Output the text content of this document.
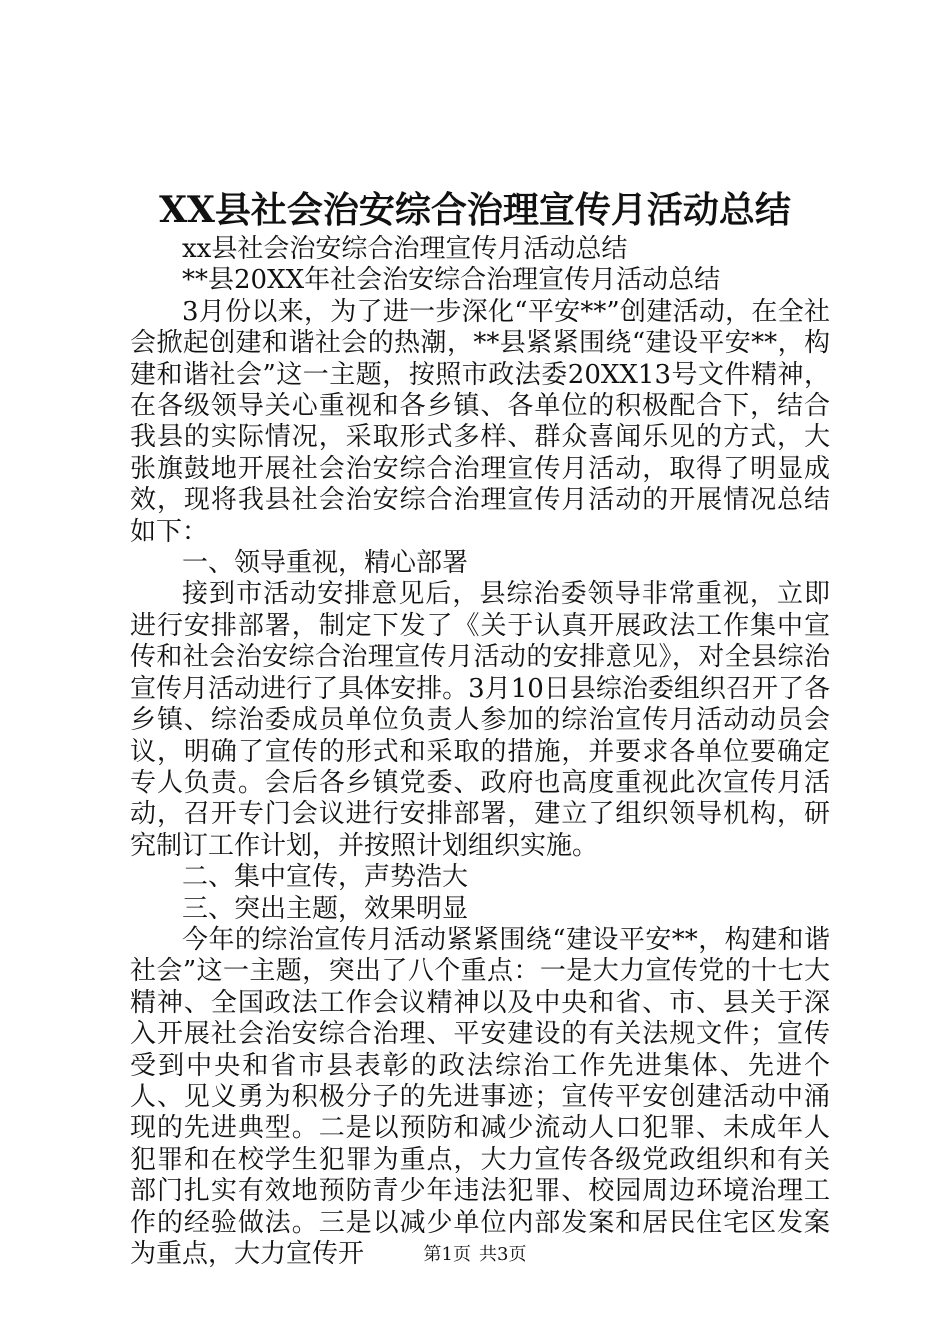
XX县社会治安综合治理宣传月活动总结

xx县社会治安综合治理宣传月活动总结

**县20XX年社会治安综合治理宣传月活动总结

3月份以来，为了进一步深化“平安**”创建活动，在全社会掀起创建和谐社会的热潮，**县紧紧围绕“建设平安**，构建和谐社会”这一主题，按照市政法委20XX13号文件精神，在各级领导关心重视和各乡镇、各单位的积极配合下，结合我县的实际情况，采取形式多样、群众喜闻乐见的方式，大张旗鼓地开展社会治安综合治理宣传月活动，取得了明显成效，现将我县社会治安综合治理宣传月活动的开展情况总结如下：

一、领导重视，精心部署

接到市活动安排意见后，县综治委领导非常重视，立即进行安排部署，制定下发了《关于认真开展政法工作集中宣传和社会治安综合治理宣传月活动的安排意见》，对全县综治宣传月活动进行了具体安排。3月10日县综治委组织召开了各乡镇、综治委成员单位负责人参加的综治宣传月活动动员会议，明确了宣传的形式和采取的措施，并要求各单位要确定专人负责。会后各乡镇党委、政府也高度重视此次宣传月活动，召开专门会议进行安排部署，建立了组织领导机构，研究制订工作计划，并按照计划组织实施。

二、集中宣传，声势浩大

三、突出主题，效果明显

今年的综治宣传月活动紧紧围绕“建设平安**，构建和谐社会”这一主题，突出了八个重点：一是大力宣传党的十七大精神、全国政法工作会议精神以及中央和省、市、县关于深入开展社会治安综合治理、平安建设的有关法规文件；宣传受到中央和省市县表彰的政法综治工作先进集体、先进个人、见义勇为积极分子的先进事迹；宣传平安创建活动中涌现的先进典型。二是以预防和减少流动人口犯罪、未成年人犯罪和在校学生犯罪为重点，大力宣传各级党政组织和有关部门扎实有效地预防青少年违法犯罪、校园周边环境治理工作的经验做法。三是以减少单位内部发案和居民住宅区发案为重点，大力宣传开	第1页 共3页
